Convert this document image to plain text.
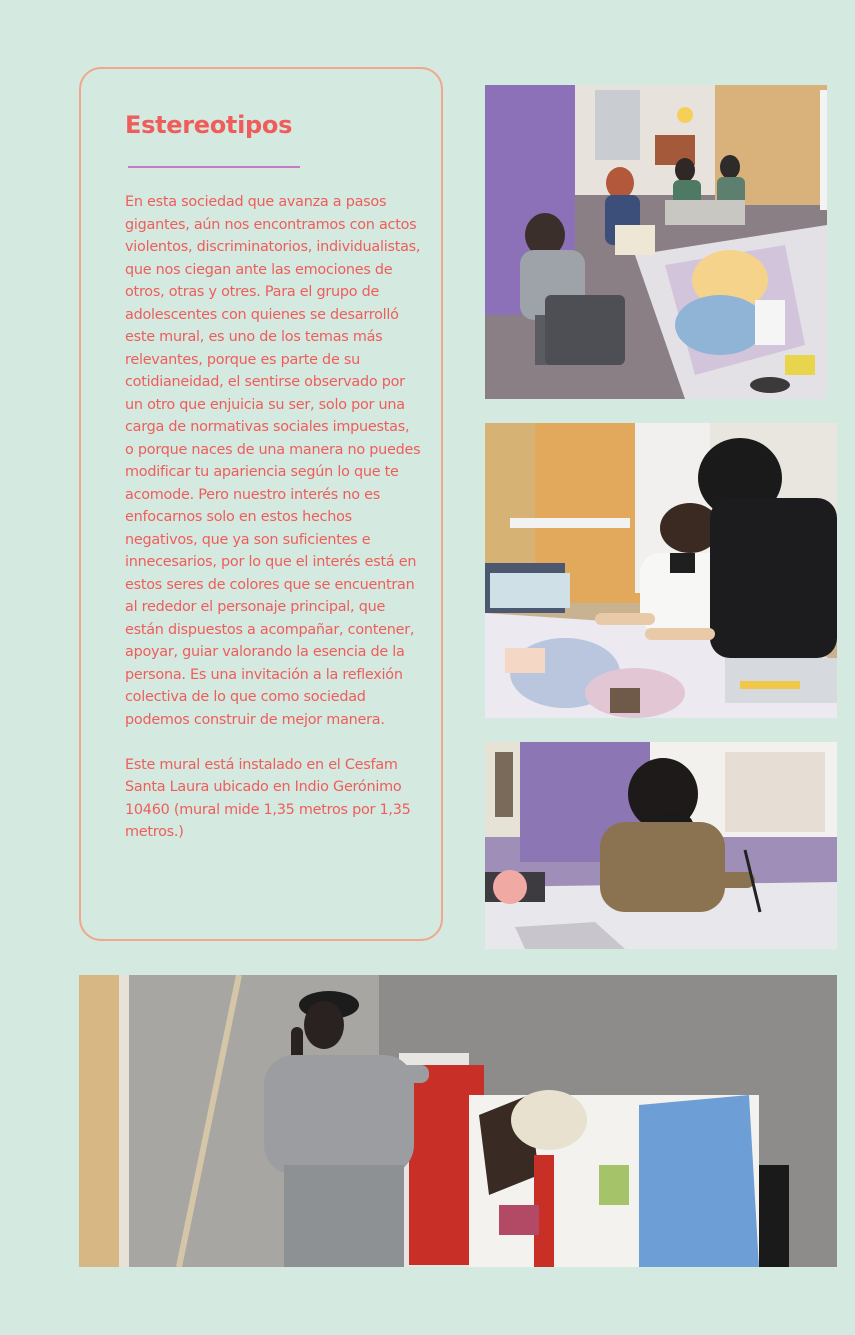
Estereotipos

En esta sociedad que avanza a pasos gigantes, aún nos encontramos con actos violentos, discriminatorios, individualistas, que nos ciegan ante las emociones de otros, otras y otres. Para el grupo de adolescentes con quienes se desarrolló este mural, es uno de los temas más relevantes, porque es parte de su cotidianeidad, el sentirse observado por un otro que enjuicia su ser, solo por una carga de normativas sociales impuestas, o porque naces de una manera no puedes modificar tu apariencia según lo que te acomode. Pero nuestro interés no es enfocarnos solo en estos hechos negativos, que ya son suficientes e innecesarios, por lo que el interés está en estos seres de colores que se encuentran al rededor el personaje principal, que están dispuestos a acompañar, contener, apoyar, guiar valorando la esencia de la persona. Es una invitación a la reflexión colectiva de lo que como sociedad podemos construir de mejor manera.

Este mural está instalado en el Cesfam Santa Laura ubicado en Indio Gerónimo 10460 (mural mide 1,35 metros por 1,35 metros.)
